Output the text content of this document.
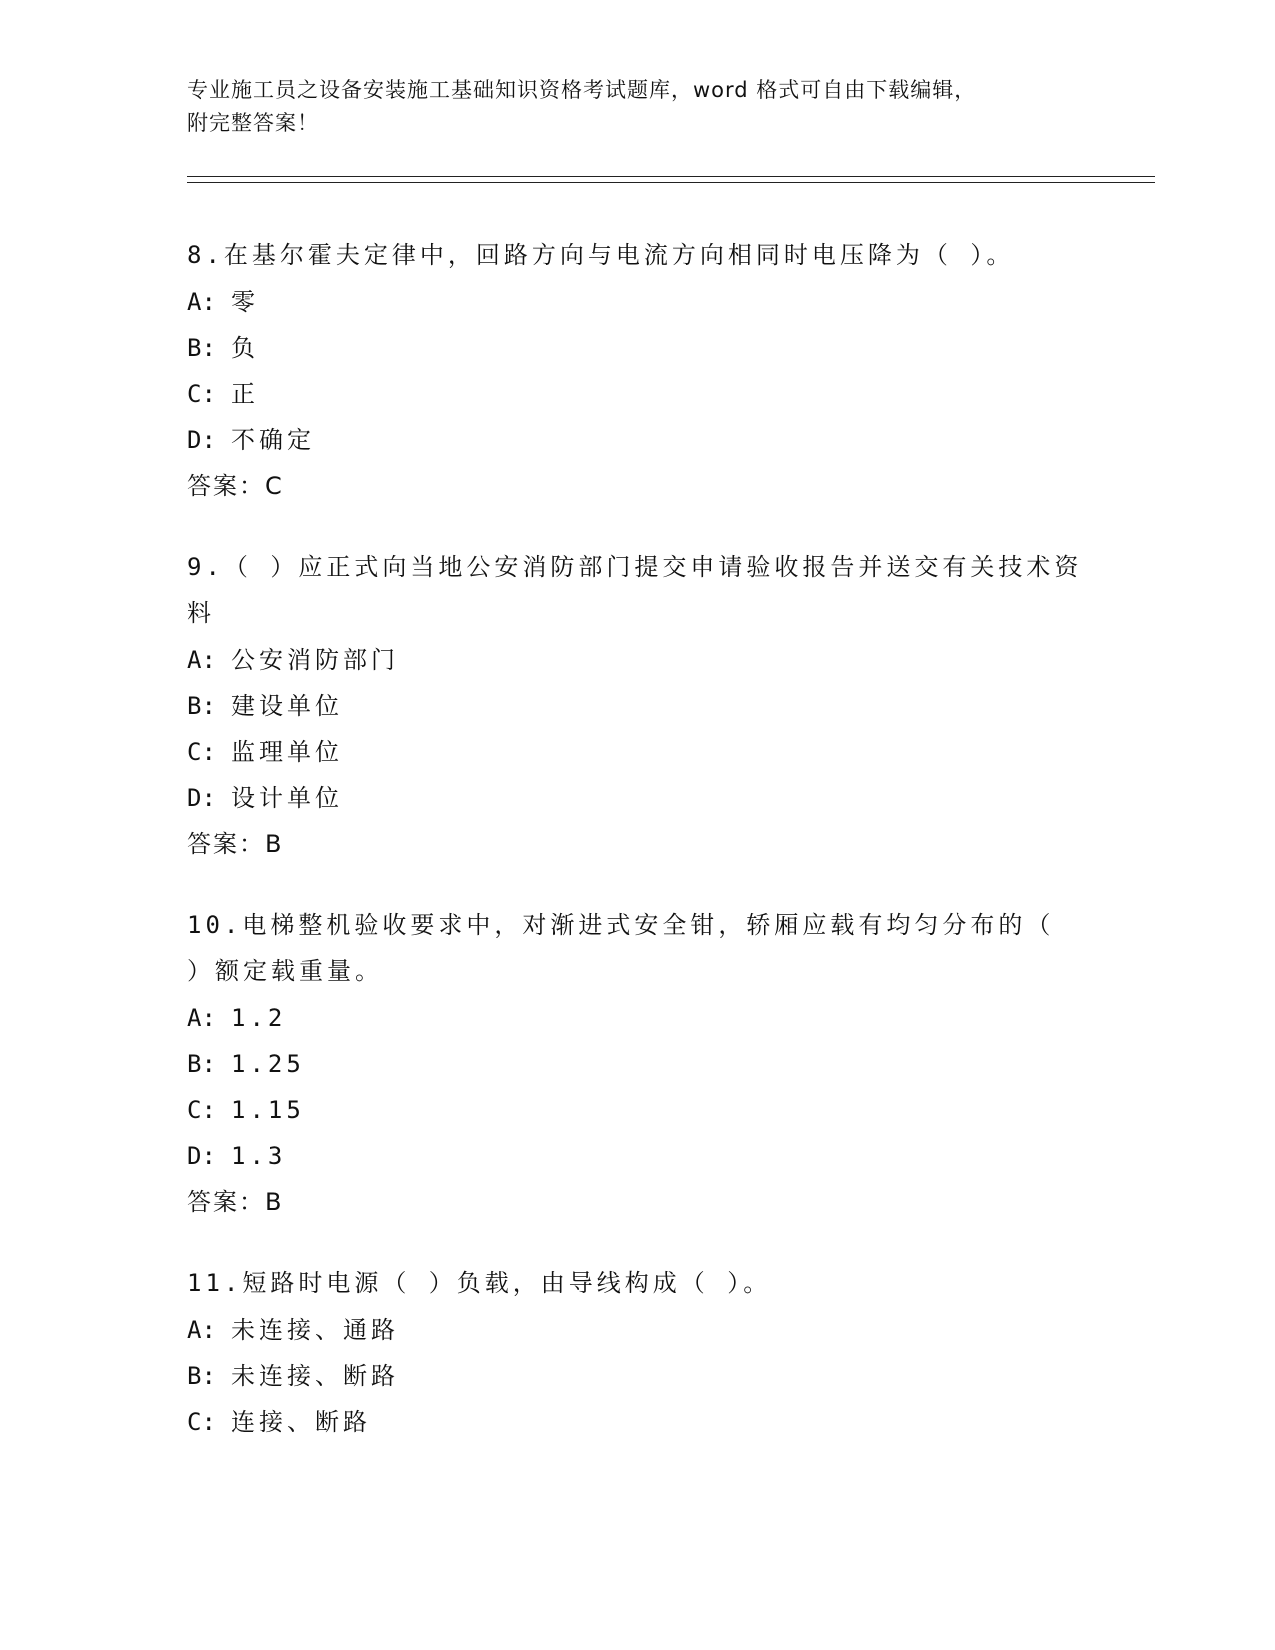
专业施工员之设备安装施工基础知识资格考试题库，word 格式可自由下载编辑，
附完整答案！
8.在基尔霍夫定律中，回路方向与电流方向相同时电压降为（ ）。
A: 零
B: 负
C: 正
D: 不确定
答案：C
9.（ ）应正式向当地公安消防部门提交申请验收报告并送交有关技术资料
A: 公安消防部门
B: 建设单位
C: 监理单位
D: 设计单位
答案：B
10.电梯整机验收要求中，对渐进式安全钳，轿厢应载有均匀分布的（ ）额定载重量。
A: 1.2
B: 1.25
C: 1.15
D: 1.3
答案：B
11.短路时电源（ ）负载，由导线构成（ ）。
A: 未连接、通路
B: 未连接、断路
C: 连接、断路
